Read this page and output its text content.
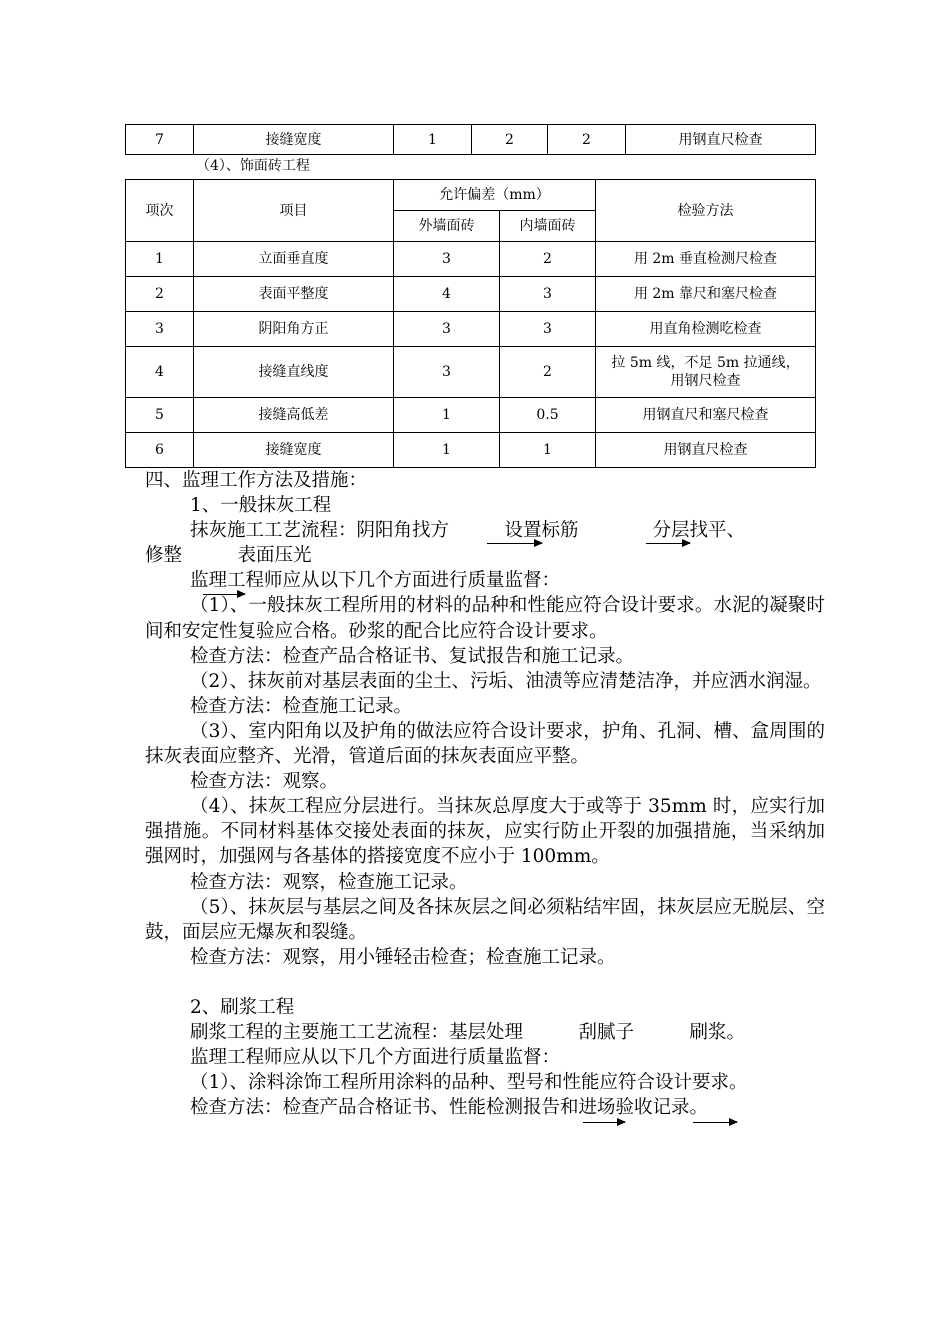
7	接缝宽度	1	2	2	用钢直尺检查
（4）、饰面砖工程
项次	项目	允许偏差（mm）		检验方法
		外墙面砖	内墙面砖	
1	立面垂直度	3	2	用 2m 垂直检测尺检查
2	表面平整度	4	3	用 2m 靠尺和塞尺检查
3	阴阳角方正	3	3	用直角检测吃检查
4	接缝直线度	3	2	拉 5m 线，不足 5m 拉通线，
用钢尺检查

5	接缝高低差	1	0.5	用钢直尺和塞尺检查
6	接缝宽度	1	1	用钢直尺检查

四、监理工作方法及措施：

1、一般抹灰工程

抹灰施工工艺流程：阴阳角找方　　　设置标筋　　　　分层找平、

修整　　　表面压光

监理工程师应从以下几个方面进行质量监督：

（1）、一般抹灰工程所用的材料的品种和性能应符合设计要求。水泥的凝聚时间和安定性复验应合格。砂浆的配合比应符合设计要求。

检查方法：检查产品合格证书、复试报告和施工记录。

（2）、抹灰前对基层表面的尘土、污垢、油渍等应清楚洁净，并应洒水润湿。

检查方法：检查施工记录。

（3）、室内阳角以及护角的做法应符合设计要求，护角、孔洞、槽、盒周围的抹灰表面应整齐、光滑，管道后面的抹灰表面应平整。

检查方法：观察。

（4）、抹灰工程应分层进行。当抹灰总厚度大于或等于 35mm 时，应实行加强措施。不同材料基体交接处表面的抹灰，应实行防止开裂的加强措施，当采纳加强网时，加强网与各基体的搭接宽度不应小于 100mm。

检查方法：观察，检查施工记录。

（5）、抹灰层与基层之间及各抹灰层之间必须粘结牢固，抹灰层应无脱层、空鼓，面层应无爆灰和裂缝。

检查方法：观察，用小锤轻击检查；检查施工记录。

2、刷浆工程

刷浆工程的主要施工工艺流程：基层处理　　　刮腻子　　　刷浆。

监理工程师应从以下几个方面进行质量监督：

（1）、涂料涂饰工程所用涂料的品种、型号和性能应符合设计要求。

检查方法：检查产品合格证书、性能检测报告和进场验收记录。
